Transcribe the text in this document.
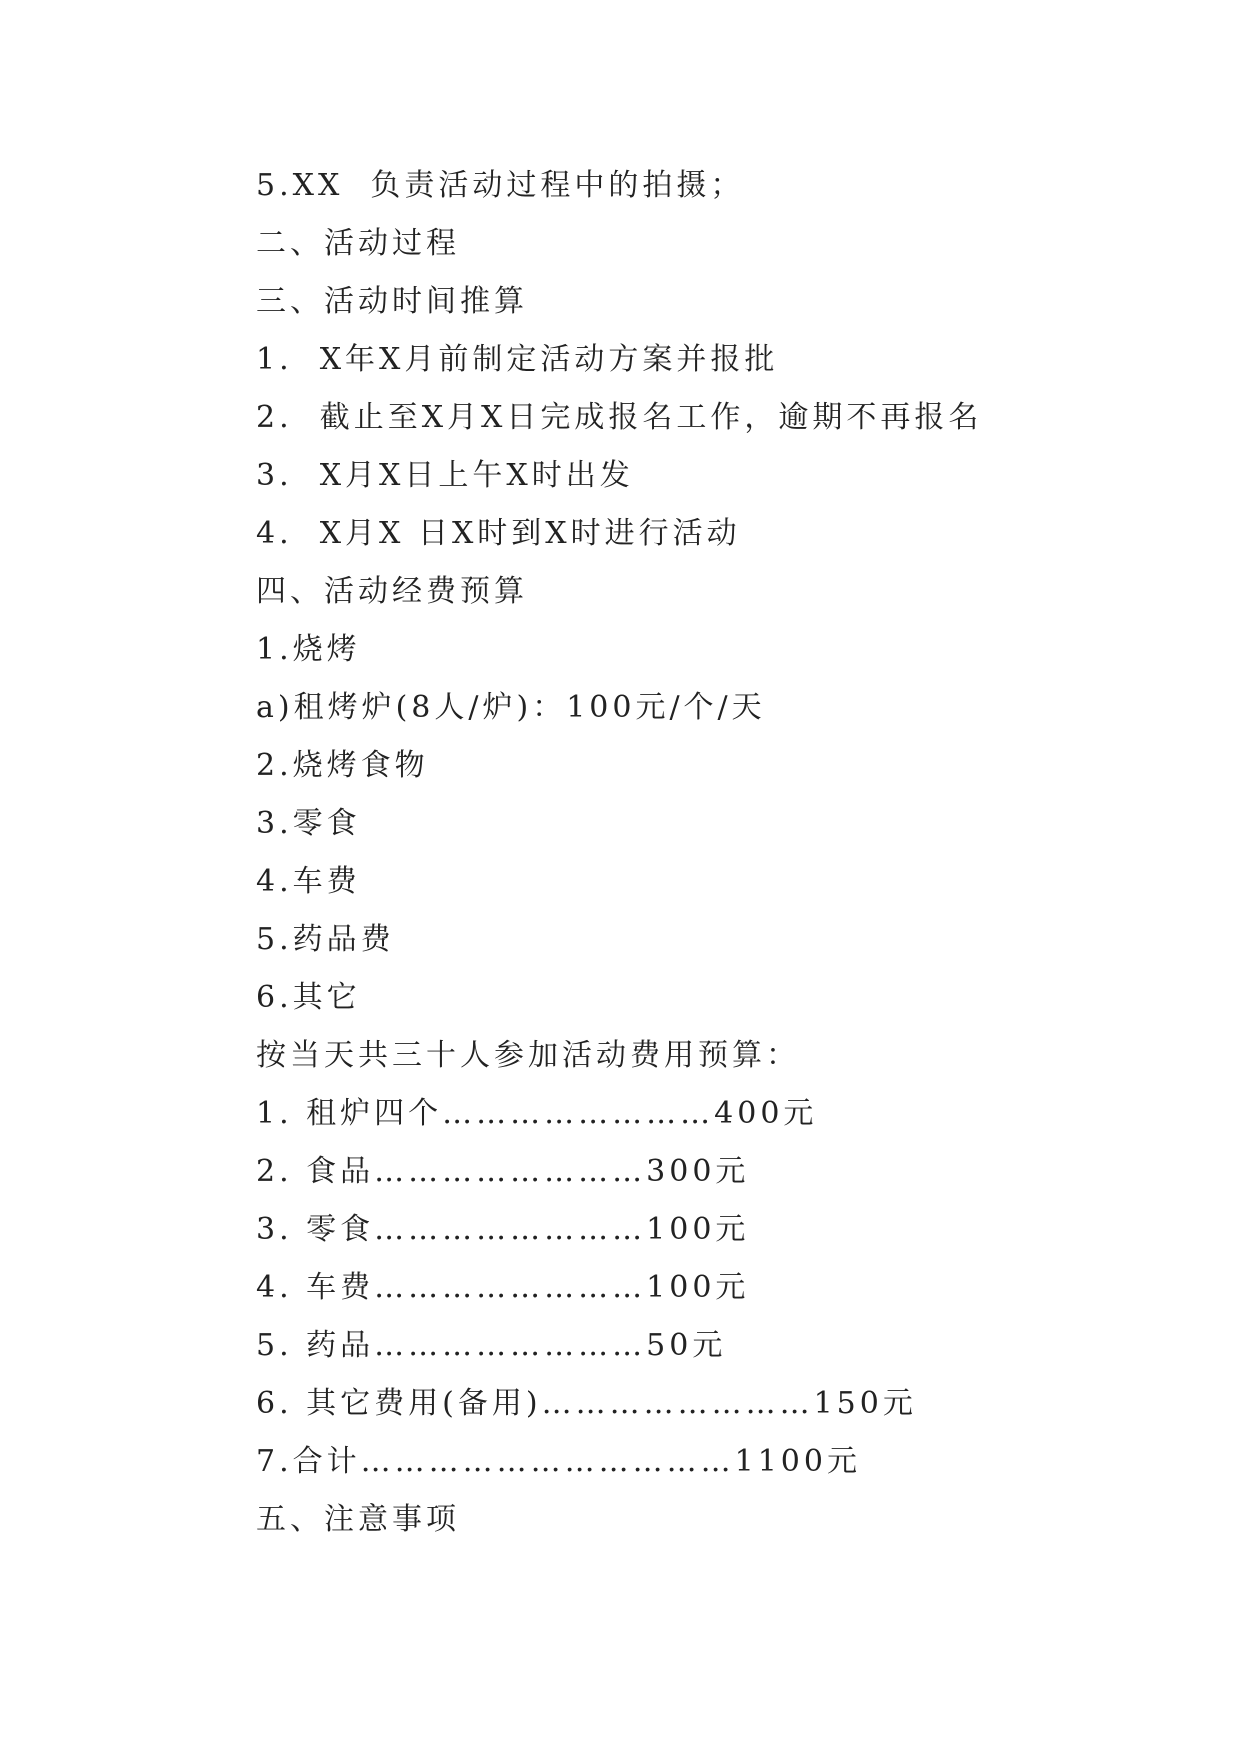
5.XX  负责活动过程中的拍摄；
二、活动过程
三、活动时间推算
1.  X年X月前制定活动方案并报批
2.  截止至X月X日完成报名工作，逾期不再报名
3.  X月X日上午X时出发
4.  X月X 日X时到X时进行活动
四、活动经费预算
1.烧烤
a)租烤炉(8人/炉)：100元/个/天
2.烧烤食物
3.零食
4.车费
5.药品费
6.其它
按当天共三十人参加活动费用预算：
1. 租炉四个……………………400元
2. 食品……………………300元
3. 零食……………………100元
4. 车费……………………100元
5. 药品……………………50元
6. 其它费用(备用)……………………150元
7.合计……………………………1100元
五、注意事项
